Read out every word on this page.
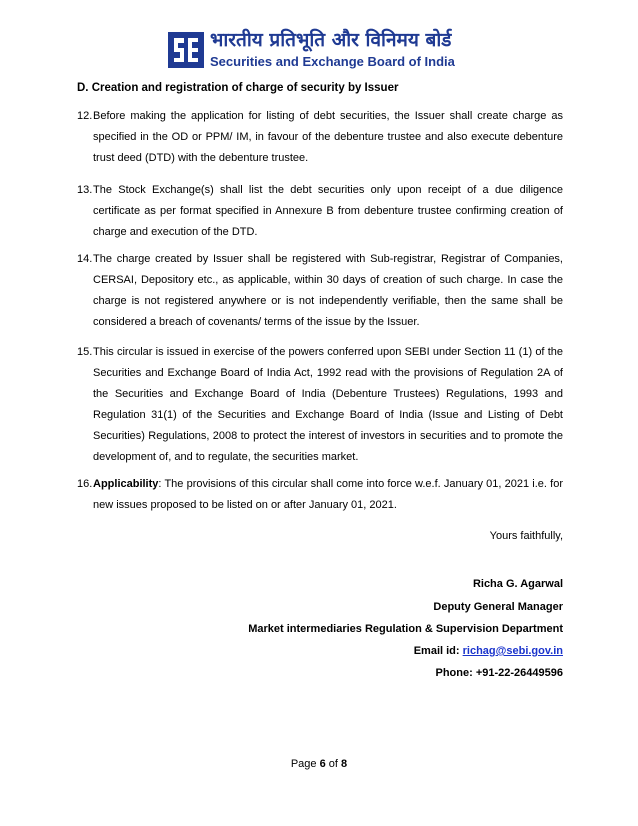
भारतीय प्रतिभूति और विनिमय बोर्ड
Securities and Exchange Board of India
D. Creation and registration of charge of security by Issuer
12. Before making the application for listing of debt securities, the Issuer shall create charge as specified in the OD or PPM/ IM, in favour of the debenture trustee and also execute debenture trust deed (DTD) with the debenture trustee.
13. The Stock Exchange(s) shall list the debt securities only upon receipt of a due diligence certificate as per format specified in Annexure B from debenture trustee confirming creation of charge and execution of the DTD.
14. The charge created by Issuer shall be registered with Sub-registrar, Registrar of Companies, CERSAI, Depository etc., as applicable, within 30 days of creation of such charge. In case the charge is not registered anywhere or is not independently verifiable, then the same shall be considered a breach of covenants/ terms of the issue by the Issuer.
15. This circular is issued in exercise of the powers conferred upon SEBI under Section 11 (1) of the Securities and Exchange Board of India Act, 1992 read with the provisions of Regulation 2A of the Securities and Exchange Board of India (Debenture Trustees) Regulations, 1993 and Regulation 31(1) of the Securities and Exchange Board of India (Issue and Listing of Debt Securities) Regulations, 2008 to protect the interest of investors in securities and to promote the development of, and to regulate, the securities market.
16. Applicability: The provisions of this circular shall come into force w.e.f. January 01, 2021 i.e. for new issues proposed to be listed on or after January 01, 2021.
Yours faithfully,
Richa G. Agarwal
Deputy General Manager
Market intermediaries Regulation & Supervision Department
Email id: richag@sebi.gov.in
Phone: +91-22-26449596
Page 6 of 8
